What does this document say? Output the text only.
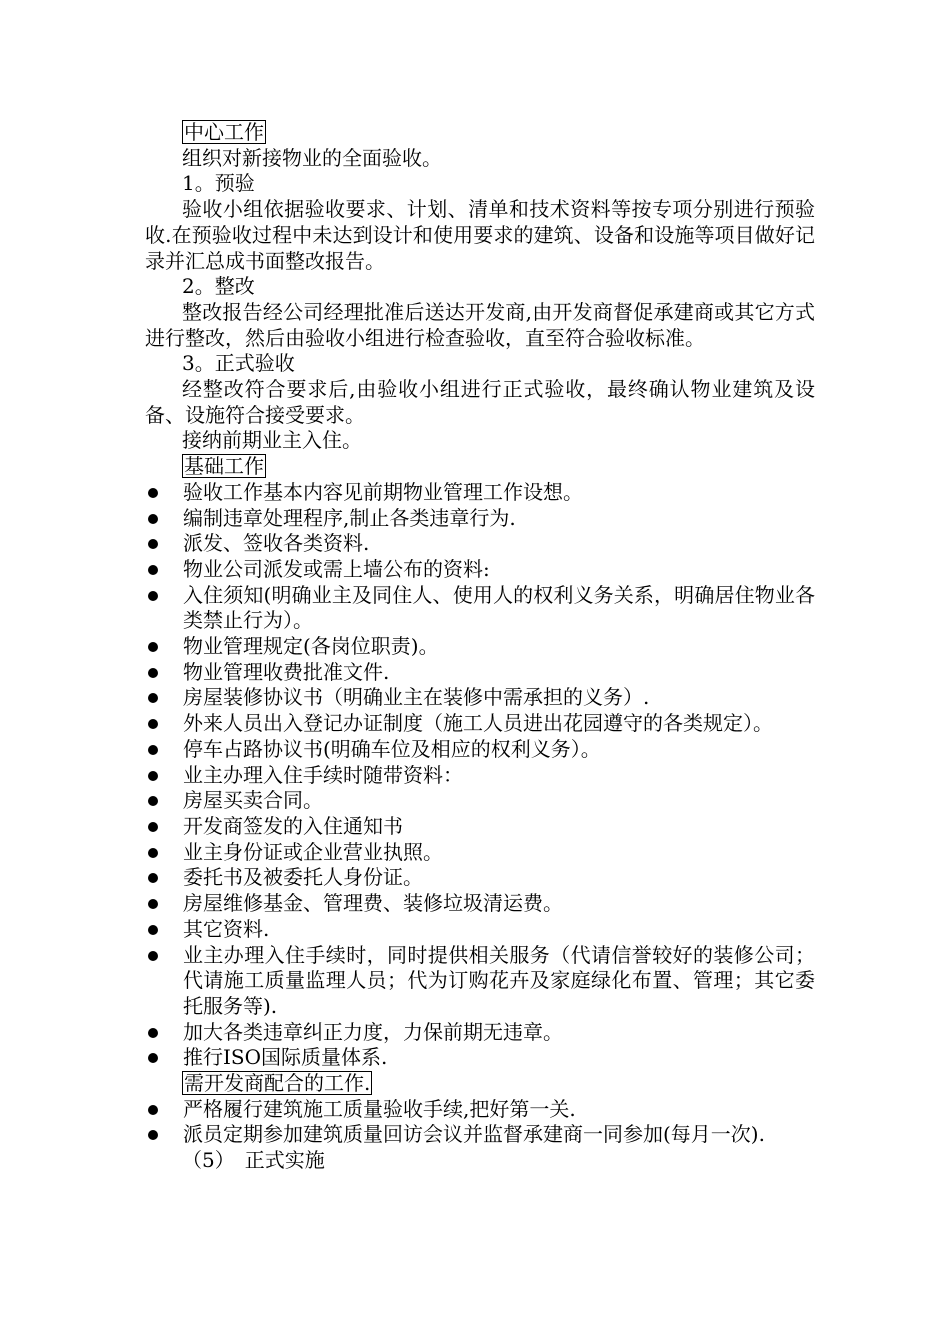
中心工作
组织对新接物业的全面验收。
1。预验
验收小组依据验收要求、计划、清单和技术资料等按专项分别进行预验收.在预验收过程中未达到设计和使用要求的建筑、设备和设施等项目做好记录并汇总成书面整改报告。
2。整改
整改报告经公司经理批准后送达开发商,由开发商督促承建商或其它方式进行整改，然后由验收小组进行检查验收，直至符合验收标准。
3。正式验收
经整改符合要求后,由验收小组进行正式验收，最终确认物业建筑及设备、设施符合接受要求。
接纳前期业主入住。
基础工作
验收工作基本内容见前期物业管理工作设想。
编制违章处理程序,制止各类违章行为.
派发、签收各类资料.
物业公司派发或需上墙公布的资料:
入住须知(明确业主及同住人、使用人的权利义务关系，明确居住物业各类禁止行为）。
物业管理规定(各岗位职责)。
物业管理收费批准文件.
房屋装修协议书（明确业主在装修中需承担的义务）.
外来人员出入登记办证制度（施工人员进出花园遵守的各类规定）。
停车占路协议书(明确车位及相应的权利义务）。
业主办理入住手续时随带资料：
房屋买卖合同。
开发商签发的入住通知书
业主身份证或企业营业执照。
委托书及被委托人身份证。
房屋维修基金、管理费、装修垃圾清运费。
其它资料.
业主办理入住手续时，同时提供相关服务（代请信誉较好的装修公司；代请施工质量监理人员；代为订购花卉及家庭绿化布置、管理；其它委托服务等).
加大各类违章纠正力度，力保前期无违章。
推行ISO国际质量体系.
需开发商配合的工作.
严格履行建筑施工质量验收手续,把好第一关.
派员定期参加建筑质量回访会议并监督承建商一同参加(每月一次).
（5）　正式实施
